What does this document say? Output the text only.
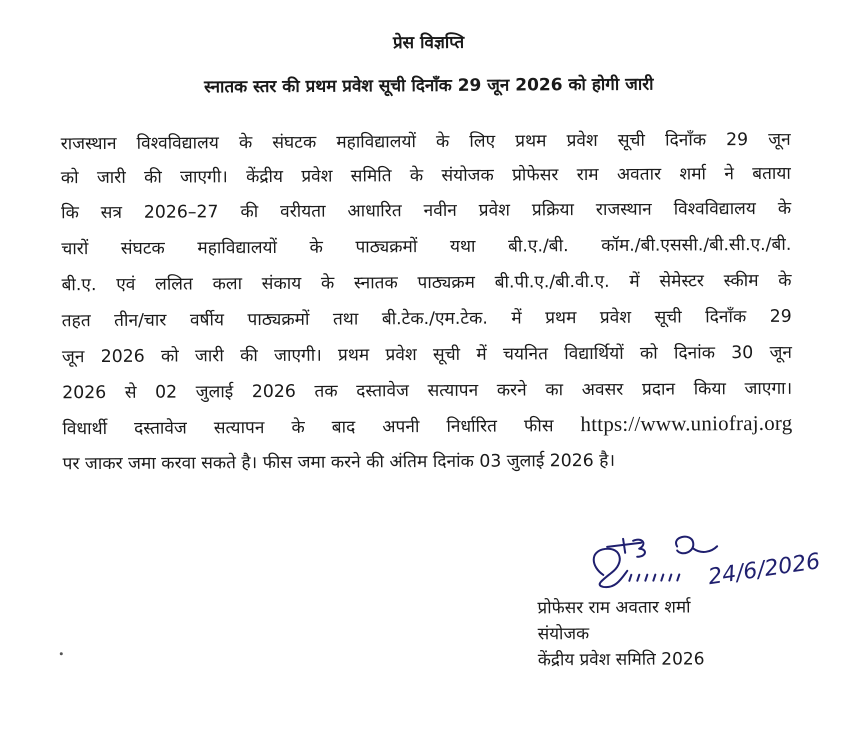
प्रेस विज्ञप्ति
स्नातक स्तर की प्रथम प्रवेश सूची दिनाँक 29 जून 2026 को होगी जारी
राजस्थान विश्वविद्यालय के संघटक महाविद्यालयों के लिए प्रथम प्रवेश सूची दिनाँक 29 जून
को जारी की जाएगी। केंद्रीय प्रवेश समिति के संयोजक प्रोफेसर राम अवतार शर्मा ने बताया
कि सत्र 2026–27 की वरीयता आधारित नवीन प्रवेश प्रक्रिया राजस्थान विश्वविद्यालय के
चारों संघटक महाविद्यालयों के पाठ्यक्रमों यथा बी.ए./बी. कॉम./बी.एससी./बी.सी.ए./बी.
बी.ए. एवं ललित कला संकाय के स्नातक पाठ्यक्रम बी.पी.ए./बी.वी.ए. में सेमेस्टर स्कीम के
तहत तीन/चार वर्षीय पाठ्यक्रमों तथा बी.टेक./एम.टेक. में प्रथम प्रवेश सूची दिनाँक 29
जून 2026 को जारी की जाएगी। प्रथम प्रवेश सूची में चयनित विद्यार्थियों को दिनांक 30 जून
2026 से 02 जुलाई 2026 तक दस्तावेज सत्यापन करने का अवसर प्रदान किया जाएगा।
विधार्थी दस्तावेज सत्यापन के बाद अपनी निर्धारित फीस https://www.uniofraj.org
पर जाकर जमा करवा सकते है। फीस जमा करने की अंतिम दिनांक 03 जुलाई 2026 है।
24/6/2026
प्रोफेसर राम अवतार शर्मा
संयोजक
केंद्रीय प्रवेश समिति 2026
